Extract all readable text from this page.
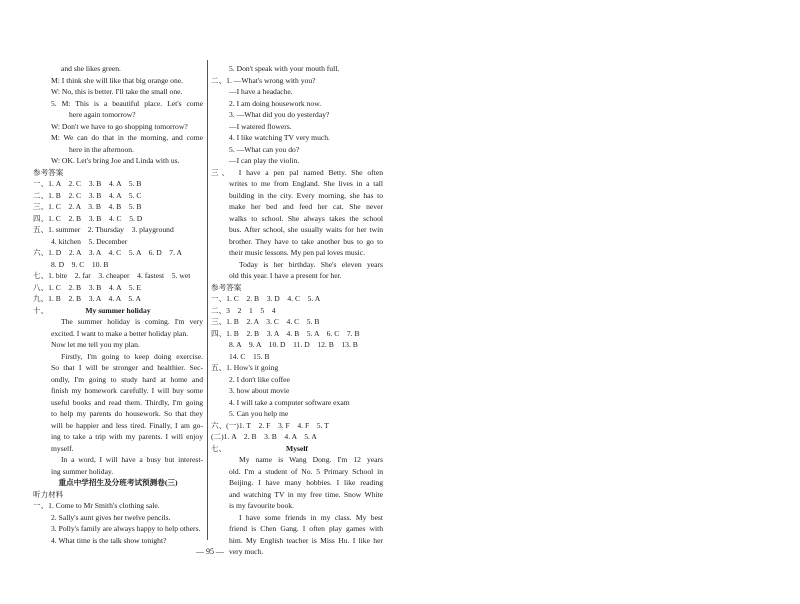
and she likes green.
M: I think she will like that big orange one.
W: No, this is better. I'll take the small one.
5. M: This is a beautiful place. Let's come
here again tomorrow?
W: Don't we have to go shopping tomorrow?
M: We can do that in the morning, and come
here in the afternoon.
W: OK. Let's bring Joe and Linda with us.
参考答案
一、1. A　2. C　3. B　4. A　5. B
二、1. B　2. C　3. B　4. A　5. C
三、1. C　2. A　3. B　4. B　5. B
四、1. C　2. B　3. B　4. C　5. D
五、1. summer　2. Thursday　3. playground
4. kitchen　5. December
六、1. D　2. A　3. A　4. C　5. A　6. D　7. A
8. D　9. C　10. B
七、1. bite　2. far　3. cheaper　4. fastest　5. wet
八、1. C　2. B　3. B　4. A　5. E
九、1. B　2. B　3. A　4. A　5. A
十、	My summer holiday
The summer holiday is coming. I'm very
excited. I want to make a better holiday plan.
Now let me tell you my plan.
Firstly, I'm going to keep doing exercise.
So that I will be stronger and healthier. Sec-
ondly, I'm going to study hard at home and
finish my homework carefully. I will buy some
useful books and read them. Thirdly, I'm going
to help my parents do housework. So that they
will be happier and less tired. Finally, I am go-
ing to take a trip with my parents. I will enjoy
myself.
In a word, I will have a busy but interest-
ing summer holiday.
重点中学招生及分班考试预测卷(三)
听力材料
一、1. Come to Mr Smith's clothing sale.
2. Sally's aunt gives her twelve pencils.
3. Polly's family are always happy to help others.
4. What time is the talk show tonight?
5. Don't speak with your mouth full.
二、1. —What's wrong with you?
—I have a headache.
2. I am doing housework now.
3. —What did you do yesterday?
—I watered flowers.
4. I like watching TV very much.
5. —What can you do?
—I can play the violin.
三、　I have a pen pal named Betty. She often
writes to me from England. She lives in a tall
building in the city. Every morning, she has to
make her bed and feed her cat. She never
walks to school. She always takes the school
bus. After school, she usually waits for her twin
brother. They have to take another bus to go to
their music lessons. My pen pal loves music.
Today is her birthday. She's eleven years
old this year. I have a present for her.
参考答案
一、1. C　2. B　3. D　4. C　5. A
二、3　2　1　5　4
三、1. B　2. A　3. C　4. C　5. B
四、1. B　2. B　3. A　4. B　5. A　6. C　7. B
8. A　9. A　10. D　11. D　12. B　13. B
14. C　15. B
五、1. How's it going
2. I don't like coffee
3. how about movie
4. I will take a computer software exam
5. Can you help me
六、(一)1. T　2. F　3. F　4. F　5. T
(二)1. A　2. B　3. B　4. A　5. A
七、	Myself
My name is Wang Dong. I'm 12 years
old. I'm a student of No. 5 Primary School in
Beijing. I have many hobbies. I like reading
and watching TV in my free time. Snow White
is my favourite book.
I have some friends in my class. My best
friend is Chen Gang. I often play games with
him. My English teacher is Miss Hu. I like her
very much.
— 95 —
